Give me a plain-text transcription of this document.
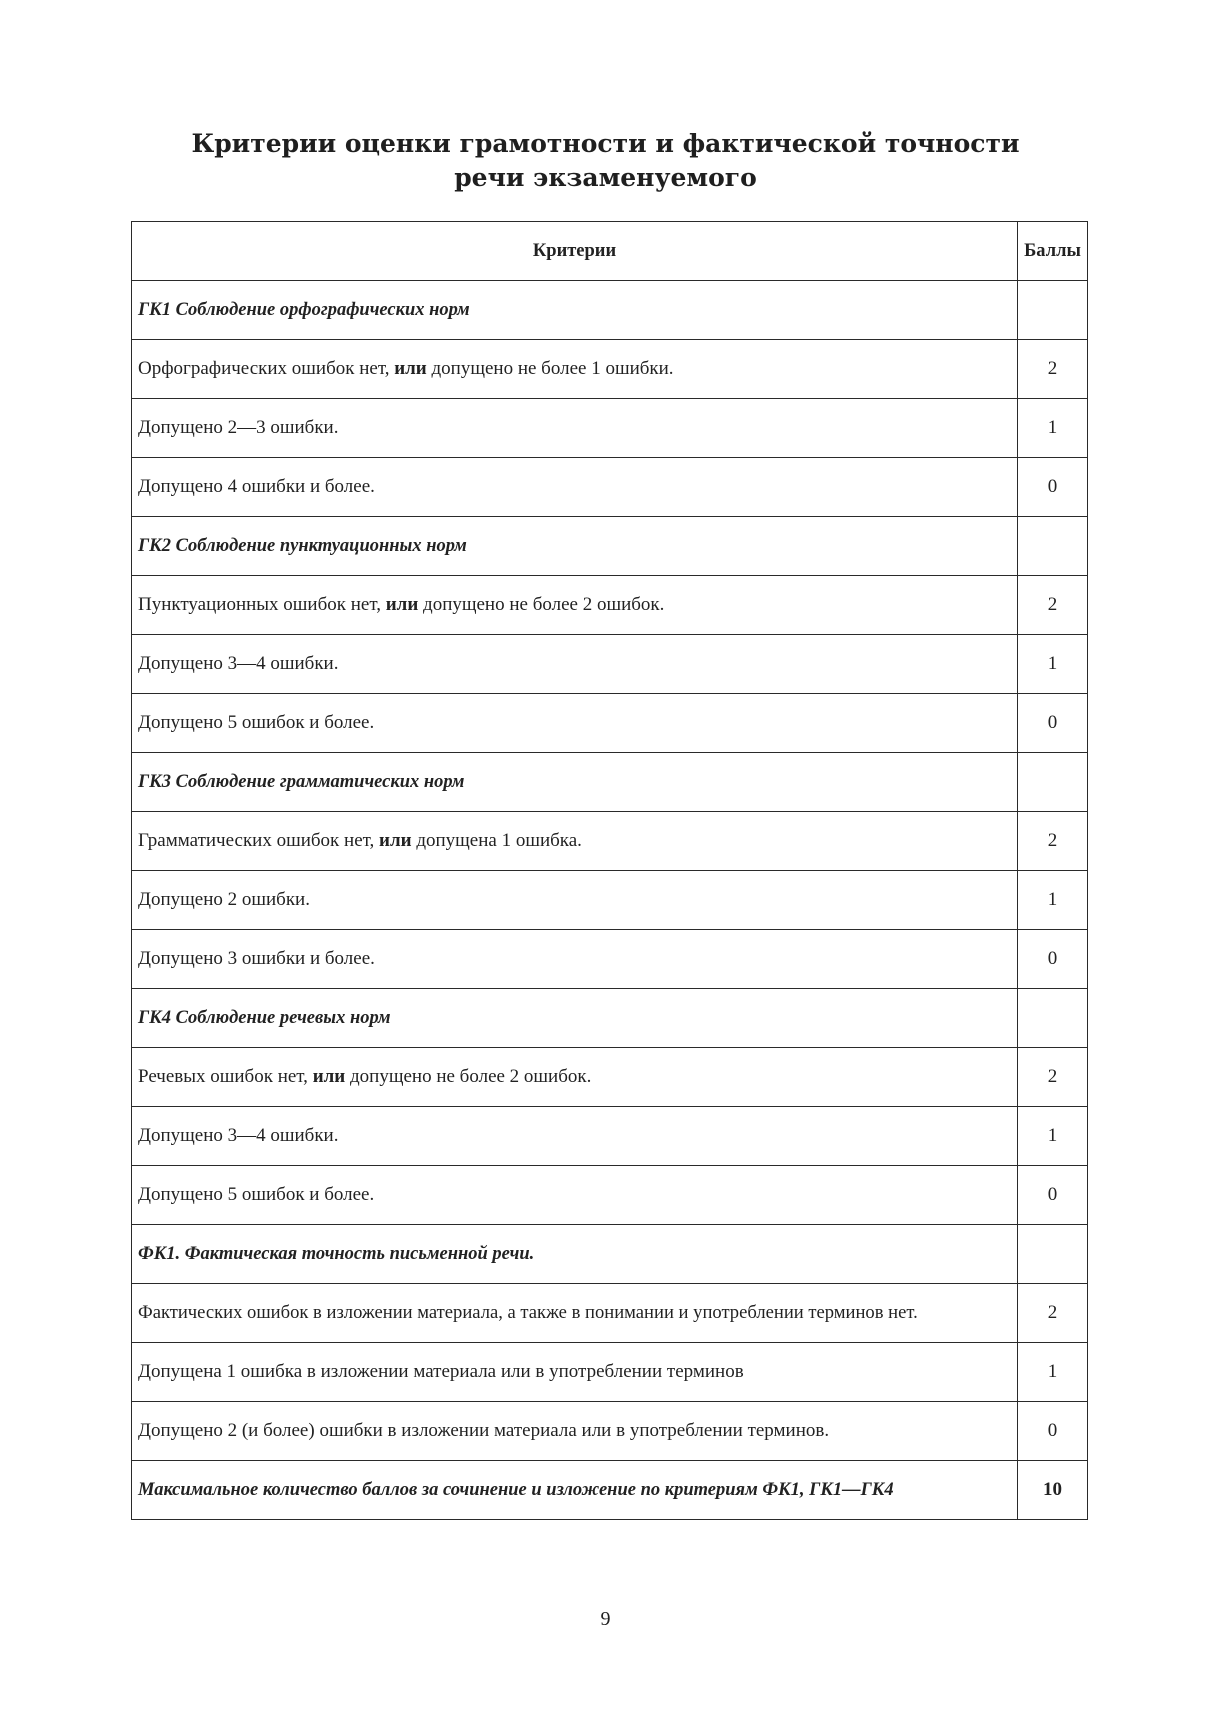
Критерии оценки грамотности и фактической точности
речи экзаменуемого
Критерии	Баллы
ГК1 Соблюдение орфографических норм	
Орфографических ошибок нет, или допущено не более 1 ошибки.	2
Допущено 2—3 ошибки.	1
Допущено 4 ошибки и более.	0
ГК2 Соблюдение пунктуационных норм	
Пунктуационных ошибок нет, или допущено не более 2 ошибок.	2
Допущено 3—4 ошибки.	1
Допущено 5 ошибок и более.	0
ГК3 Соблюдение грамматических норм	
Грамматических ошибок нет, или допущена 1 ошибка.	2
Допущено 2 ошибки.	1
Допущено 3 ошибки и более.	0
ГК4 Соблюдение речевых норм	
Речевых ошибок нет, или допущено не более 2 ошибок.	2
Допущено 3—4 ошибки.	1
Допущено 5 ошибок и более.	0
ФК1. Фактическая точность письменной речи.	
Фактических ошибок в изложении материала, а также в понимании и употреблении терминов нет.	2
Допущена 1 ошибка в изложении материала или в употреблении терминов	1
Допущено 2 (и более) ошибки в изложении материала или в употреблении терминов.	0
Максимальное количество баллов за сочинение и изложение по критериям ФК1, ГК1—ГК4	10
9
